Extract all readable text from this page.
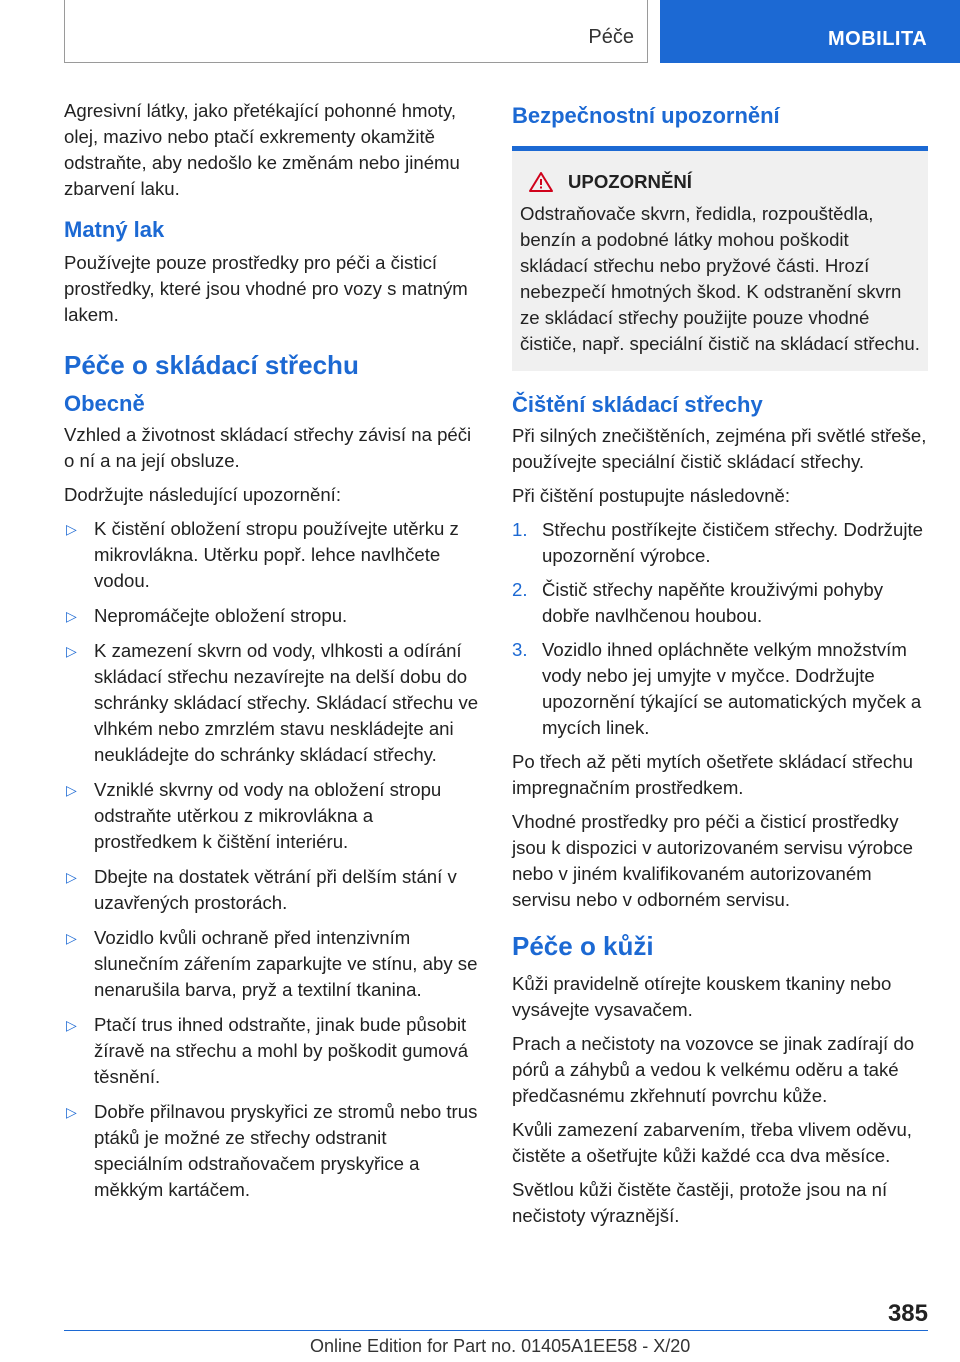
Péče	MOBILITA

Agresivní látky, jako přetékající pohonné hmoty, olej, mazivo nebo ptačí exkrementy okamžitě odstraňte, aby nedošlo ke změnám nebo jinému zbarvení laku.

Matný lak

Používejte pouze prostředky pro péči a čisticí prostředky, které jsou vhodné pro vozy s matným lakem.

Péče o skládací střechu
Obecně

Vzhled a životnost skládací střechy závisí na péči o ní a na její obsluze.

Dodržujte následující upozornění:

▷ K čistění obložení stropu používejte utěrku z mikrovlákna. Utěrku popř. lehce navlhčete vodou.
▷ Nepromáčejte obložení stropu.
▷ K zamezení skvrn od vody, vlhkosti a odírání skládací střechu nezavírejte na delší dobu do schránky skládací střechy. Skládací střechu ve vlhkém nebo zmrzlém stavu neskládejte ani neukládejte do schránky skládací střechy.
▷ Vzniklé skvrny od vody na obložení stropu odstraňte utěrkou z mikrovlákna a prostředkem k čištění interiéru.
▷ Dbejte na dostatek větrání při delším stání v uzavřených prostorách.
▷ Vozidlo kvůli ochraně před intenzivním slunečním zářením zaparkujte ve stínu, aby se nenarušila barva, pryž a textilní tkanina.
▷ Ptačí trus ihned odstraňte, jinak bude působit žíravě na střechu a mohl by poškodit gumová těsnění.
▷ Dobře přilnavou pryskyřici ze stromů nebo trus ptáků je možné ze střechy odstranit speciálním odstraňovačem pryskyřice a měkkým kartáčem.
Bezpečnostní upozornění
UPOZORNĚNÍ

Odstraňovače skvrn, ředidla, rozpouštědla, benzín a podobné látky mohou poškodit skládací střechu nebo pryžové části. Hrozí nebezpečí hmotných škod. K odstranění skvrn ze skládací střechy použijte pouze vhodné čističe, např. speciální čistič na skládací střechu.

Čištění skládací střechy

Při silných znečištěních, zejména při světlé střeše, používejte speciální čistič skládací střechy.

Při čištění postupujte následovně:

1. Střechu postříkejte čističem střechy. Dodržujte upozornění výrobce.
2. Čistič střechy napěňte krouživými pohyby dobře navlhčenou houbou.
3. Vozidlo ihned opláchněte velkým množstvím vody nebo jej umyjte v myčce. Dodržujte upozornění týkající se automatických myček a mycích linek.

Po třech až pěti mytích ošetřete skládací střechu impregnačním prostředkem.

Vhodné prostředky pro péči a čisticí prostředky jsou k dispozici v autorizovaném servisu výrobce nebo v jiném kvalifikovaném autorizovaném servisu nebo v odborném servisu.

Péče o kůži

Kůži pravidelně otírejte kouskem tkaniny nebo vysávejte vysavačem.

Prach a nečistoty na vozovce se jinak zadírají do pórů a záhybů a vedou k velkému oděru a také předčasnému zkřehnutí povrchu kůže.

Kvůli zamezení zabarvením, třeba vlivem oděvu, čistěte a ošetřujte kůži každé cca dva měsíce.

Světlou kůži čistěte častěji, protože jsou na ní nečistoty výraznější.

385
Online Edition for Part no. 01405A1EE58 - X/20
